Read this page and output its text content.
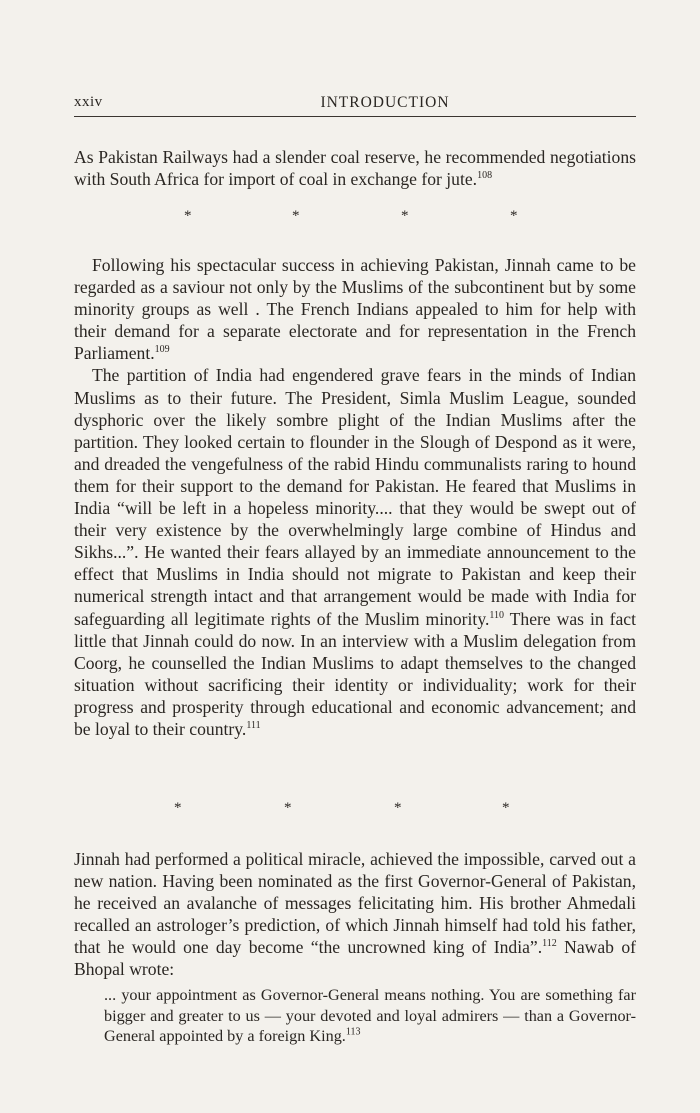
xxiv	INTRODUCTION

As Pakistan Railways had a slender coal reserve, he recommended negotiations with South Africa for import of coal in exchange for jute.$^{108}$

*	*	*	*

Following his spectacular success in achieving Pakistan, Jinnah came to be regarded as a saviour not only by the Muslims of the subcontinent but by some minority groups as well . The French Indians appealed to him for help with their demand for a separate electorate and for representation in the French Parliament.$^{109}$

The partition of India had engendered grave fears in the minds of Indian Muslims as to their future. The President, Simla Muslim League, sounded dysphoric over the likely sombre plight of the Indian Muslims after the partition. They looked certain to flounder in the Slough of Despond as it were, and dreaded the vengefulness of the rabid Hindu communalists raring to hound them for their support to the demand for Pakistan. He feared that Muslims in India “will be left in a hopeless minority.... that they would be swept out of their very existence by the overwhelmingly large combine of Hindus and Sikhs...”. He wanted their fears allayed by an immediate announcement to the effect that Muslims in India should not migrate to Pakistan and keep their numerical strength intact and that arrangement would be made with India for safeguarding all legitimate rights of the Muslim minority.$^{110}$ There was in fact little that Jinnah could do now. In an interview with a Muslim delegation from Coorg, he counselled the Indian Muslims to adapt themselves to the changed situation without sacrificing their identity or individuality; work for their progress and prosperity through educational and economic advancement; and be loyal to their country.$^{111}$

*	*	*	*

Jinnah had performed a political miracle, achieved the impossible, carved out a new nation. Having been nominated as the first Governor-General of Pakistan, he received an avalanche of messages felicitating him. His brother Ahmedali recalled an astrologer’s prediction, of which Jinnah himself had told his father, that he would one day become “the uncrowned king of India”.$^{112}$ Nawab of Bhopal wrote:

... your appointment as Governor-General means nothing. You are something far bigger and greater to us — your devoted and loyal admirers — than a Governor-General appointed by a foreign King.$^{113}$
